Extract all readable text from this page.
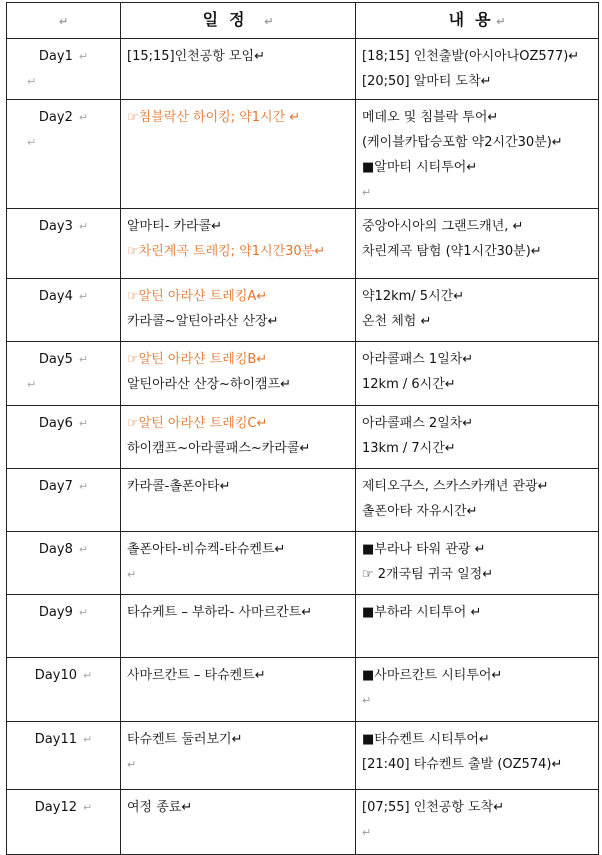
↵	일  정 ↵	내  용 ↵

Day1 ↵
↵	[15;15]인천공항 모임↵	[18;15] 인천출발(아시아나OZ577)↵
[20;50] 알마티 도착↵

Day2 ↵
↵	☞침블락산 하이킹; 약1시간 ↵	메데오 및 침블락 투어↵
(케이블카탑승포함 약2시간30분)↵
■알마티 시티투어↵
↵

Day3 ↵	알마티- 카라콜↵
☞차린계곡 트레킹; 약1시간30분↵	중앙아시아의 그랜드캐년, ↵
차린계곡 탐험 (약1시간30분)↵

Day4 ↵	☞알틴 아라샨 트레킹A↵
카라콜~알틴아라산 산장↵	약12km/ 5시간↵
온천 체험 ↵

Day5 ↵
↵	☞알틴 아라샨 트레킹B↵
알틴아라산 산장~하이캠프↵	아라콜패스 1일차↵
12km / 6시간↵

Day6 ↵	☞알틴 아라샨 트레킹C↵
하이캠프~아라콜패스~카라콜↵	아라콜패스 2일차↵
13km / 7시간↵

Day7 ↵	카라콜-촐폰아타↵	제티오구스, 스카스카캐년 관광↵
촐폰아타 자유시간↵

Day8 ↵	촐폰아타-비슈켁-타슈켄트↵
↵	■부라나 타워 관광 ↵
☞ 2개국팀 귀국 일정↵

Day9 ↵	타슈케트 – 부하라- 사마르칸트↵	■부하라 시티투어 ↵

Day10 ↵	사마르칸트 – 타슈켄트↵	■사마르칸트 시티투어↵
↵

Day11 ↵	타슈켄트 둘러보기↵
↵	■타슈켄트 시티투어↵
[21:40] 타슈켄트 출발 (OZ574)↵

Day12 ↵	여정 종료↵	[07;55] 인천공항 도착↵
↵
